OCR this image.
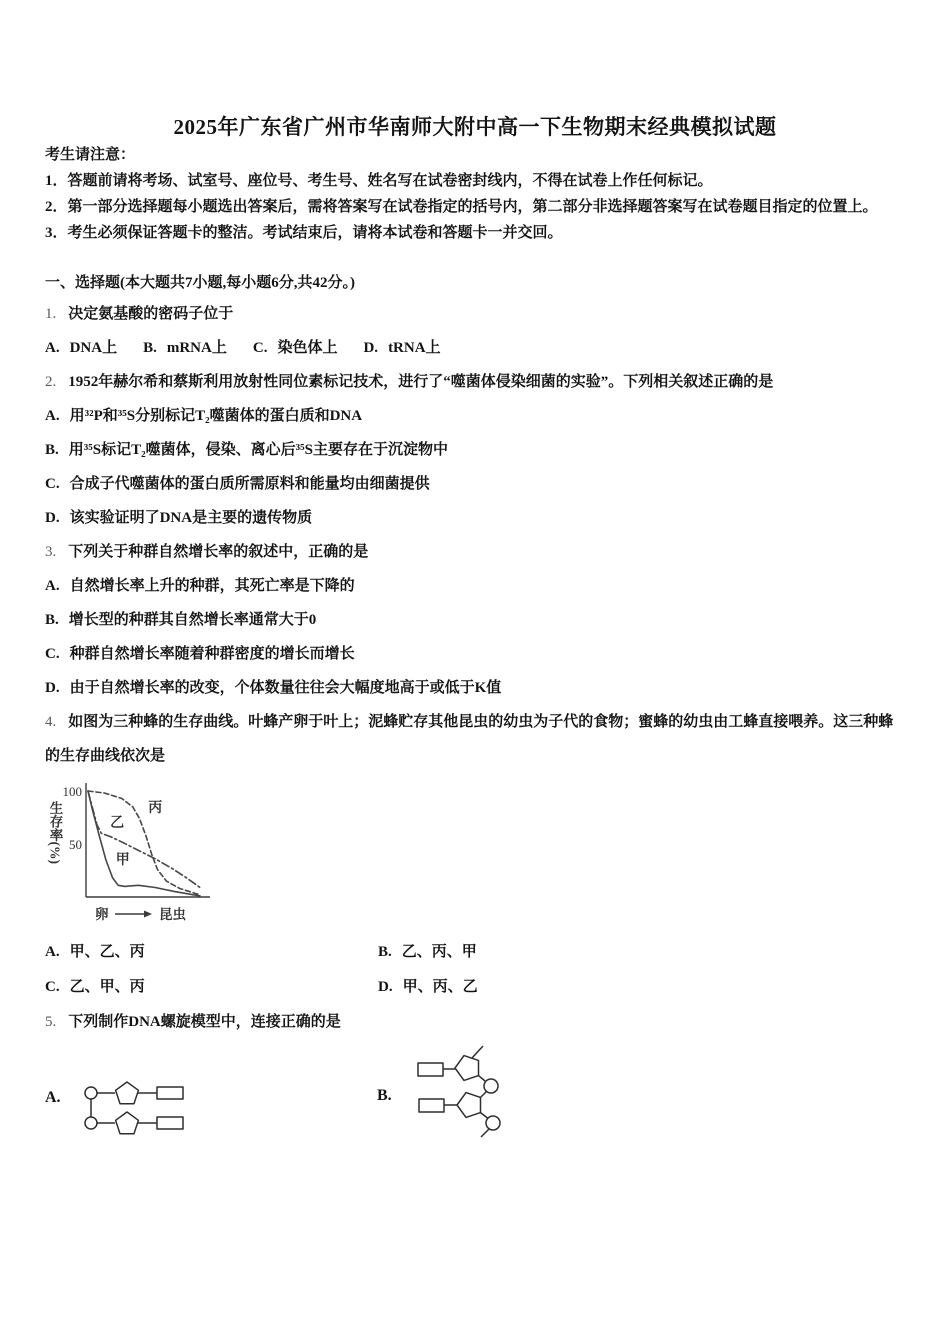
2025年广东省广州市华南师大附中高一下生物期末经典模拟试题

考生请注意：

1．答题前请将考场、试室号、座位号、考生号、姓名写在试卷密封线内，不得在试卷上作任何标记。

2．第一部分选择题每小题选出答案后，需将答案写在试卷指定的括号内，第二部分非选择题答案写在试卷题目指定的位置上。

3．考生必须保证答题卡的整洁。考试结束后，请将本试卷和答题卡一并交回。

一、选择题(本大题共7小题,每小题6分,共42分。)
1. 决定氨基酸的密码子位于
A. DNA上 B. mRNA上 C. 染色体上 D. tRNA上
2. 1952年赫尔希和蔡斯利用放射性同位素标记技术，进行了“噬菌体侵染细菌的实验”。下列相关叙述正确的是
A. 用³²P和³⁵S分别标记T₂噬菌体的蛋白质和DNA
B. 用³⁵S标记T₂噬菌体，侵染、离心后³⁵S主要存在于沉淀物中
C. 合成子代噬菌体的蛋白质所需原料和能量均由细菌提供
D. 该实验证明了DNA是主要的遗传物质
3. 下列关于种群自然增长率的叙述中，正确的是
A. 自然增长率上升的种群，其死亡率是下降的
B. 增长型的种群其自然增长率通常大于0
C. 种群自然增长率随着种群密度的增长而增长
D. 由于自然增长率的改变，个体数量往往会大幅度地高于或低于K值
4. 如图为三种蜂的生存曲线。叶蜂产卵于叶上；泥蜂贮存其他昆虫的幼虫为子代的食物；蜜蜂的幼虫由工蜂直接喂养。这三种蜂的生存曲线依次是
100
50
生存率(%)	甲
乙
丙
卵	昆虫
A. 甲、乙、丙	B. 乙、丙、甲
C. 乙、甲、丙	D. 甲、丙、乙
5. 下列制作DNA螺旋模型中，连接正确的是
A.	B.
